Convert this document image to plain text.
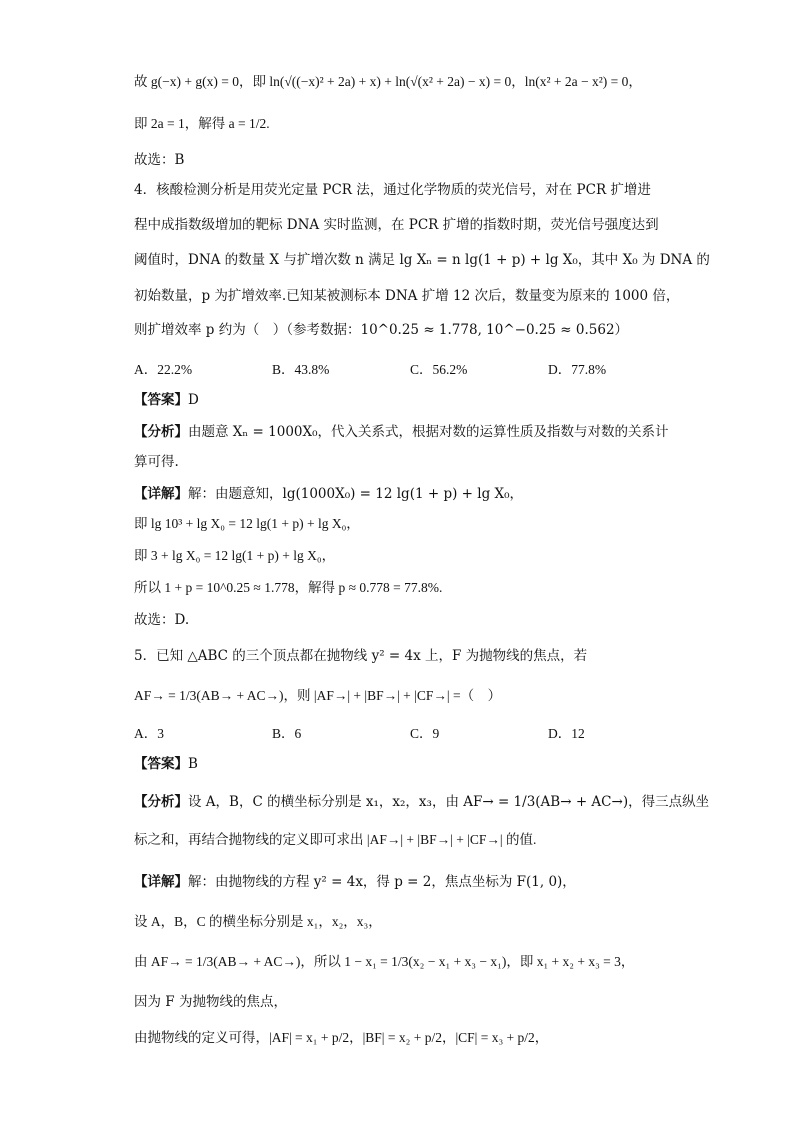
故 g(−x) + g(x) = 0，即 ln(√((−x)² + 2a) + x) + ln(√(x² + 2a) − x) = 0，ln(x² + 2a − x²) = 0，
即 2a = 1，解得 a = 1/2.
故选：B
4．核酸检测分析是用荧光定量 PCR 法，通过化学物质的荧光信号，对在 PCR 扩增进
程中成指数级增加的靶标 DNA 实时监测，在 PCR 扩增的指数时期，荧光信号强度达到
阈值时，DNA 的数量 X 与扩增次数 n 满足 lg Xₙ = n lg(1 + p) + lg X₀，其中 X₀ 为 DNA 的
初始数量，p 为扩增效率.已知某被测标本 DNA 扩增 12 次后，数量变为原来的 1000 倍，
则扩增效率 p 约为（　）（参考数据：10^0.25 ≈ 1.778, 10^−0.25 ≈ 0.562）
A．22.2%	B．43.8%	C．56.2%	D．77.8%
【答案】D
【分析】由题意 Xₙ = 1000X₀，代入关系式，根据对数的运算性质及指数与对数的关系计
算可得.
【详解】解：由题意知，lg(1000X₀) = 12 lg(1 + p) + lg X₀，
即 lg 10³ + lg X₀ = 12 lg(1 + p) + lg X₀，
即 3 + lg X₀ = 12 lg(1 + p) + lg X₀，
所以 1 + p = 10^0.25 ≈ 1.778，解得 p ≈ 0.778 = 77.8%.
故选：D.
5．已知 △ABC 的三个顶点都在抛物线 y² = 4x 上，F 为抛物线的焦点，若
AF→ = 1/3(AB→ + AC→)，则 |AF→| + |BF→| + |CF→| =（　）
A．3	B．6	C．9	D．12
【答案】B
【分析】设 A，B，C 的横坐标分别是 x₁，x₂，x₃，由 AF→ = 1/3(AB→ + AC→)，得三点纵坐
标之和，再结合抛物线的定义即可求出 |AF→| + |BF→| + |CF→| 的值.
【详解】解：由抛物线的方程 y² = 4x，得 p = 2，焦点坐标为 F(1, 0)，
设 A，B，C 的横坐标分别是 x₁，x₂，x₃，
由 AF→ = 1/3(AB→ + AC→)，所以 1 − x₁ = 1/3(x₂ − x₁ + x₃ − x₁)，即 x₁ + x₂ + x₃ = 3，
因为 F 为抛物线的焦点，
由抛物线的定义可得，|AF| = x₁ + p/2，|BF| = x₂ + p/2，|CF| = x₃ + p/2，
